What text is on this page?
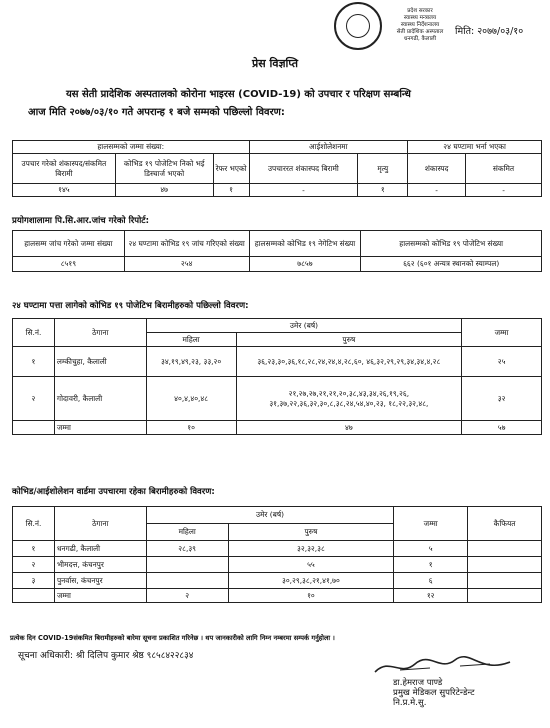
प्रदेश सरकार
स्वास्थ्य मन्त्रालय
स्वास्थ्य निर्देशनालय
सेती प्रादेशिक अस्पताल
धनगढी, कैलाली
मिति: २०७७/०३/१०
प्रेस विज्ञप्ति
यस सेती प्रादेशिक अस्पतालको कोरोना भाइरस (COVID-19) को उपचार र परिक्षण सम्बन्धि
आज मिति २०७७/०३/१० गते अपरान्ह १ बजे सम्मको पछिल्लो विवरण:
हालसम्मको जम्मा संख्या:			आईशोलेशनमा		२४ घण्टामा भर्ना भएका	
उपचार गरेको शंकास्पद/संकमित बिरामी	कोभिड १९ पोजेटिभ निको भई डिस्चार्ज भएको	रेफर भएको	उपचाररत शंकास्पद बिरामी	मृत्यु	शंकास्पद	संकमित
१४५	४७	१	-	१	-	-
प्रयोगशालामा पि.सि.आर.जांच गरेको रिपोर्ट:
हालसम्म जांच गरेको जम्मा संख्या	२४ घण्टामा कोभिड १९ जांच गरिएको संख्या	हालसम्मको कोभिड १९ नेगेटिभ संख्या	हालसम्मको कोभिड १९ पोजेटिभ संख्या
८५१९	२५४	७८५७	६६२ (६०१ अन्यत्र स्थानको स्याम्पल)
२४ घण्टामा पत्ता लागेको कोभिड १९ पोजेटिभ बिरामीहरुको पछिल्लो विवरण:
सि.नं.	ठेगाना	उमेर (बर्ष)		जम्मा
		महिला	पुरुष	
१	लम्कीचुहा, कैलाली	३४,१९,४९,२३, ३३,२०	३६,२३,३०,३६,१८,२८,२४,२४,४,२८,६०, ४६,३२,२९,२९,३४,३४,४,२८	२५
२	गोदावरी, कैलाली	४०,४,४०,४८	२१,२७,२७,२१,२१,२०,३८,४३,३४,२६,१९,२६, ३१,३७,२२,३६,३२,३०,८,३८,२४,५४,४०,२३, १८,२२,३२,४८,	३२
	जम्मा	१०	४७	५७
कोभिड/आईशोलेशन वार्डमा उपचारमा रहेका बिरामीहरुको विवरण:
सि.नं.	ठेगाना	उमेर (बर्ष)		जम्मा	कैफियत
		महिला	पुरुष		
१	धनगढी, कैलाली	२८,३९	३२,३२,३८	५	
२	भीमदत्त, कंचनपुर		५५	१	
३	पुनर्वास, कंचनपुर		३०,२९,३८,२१,४१,७०	६	
	जम्मा	२	१०	१२	
प्रत्येक दिन COVID-19संकमित बिरामीहरुको बारेमा सूचना प्रकाशित गरिनेछ । थप जानकारीको लागि निम्न नम्बरमा सम्पर्क गर्नुहोला ।
सूचना अधिकारी: श्री दिलिप कुमार श्रेष्ठ ९८५८४२२८३४
डा.हेमराज पाण्डे
प्रमुख मेडिकल सुपरिटेन्डेन्ट
नि.प्र.मे.सु.
